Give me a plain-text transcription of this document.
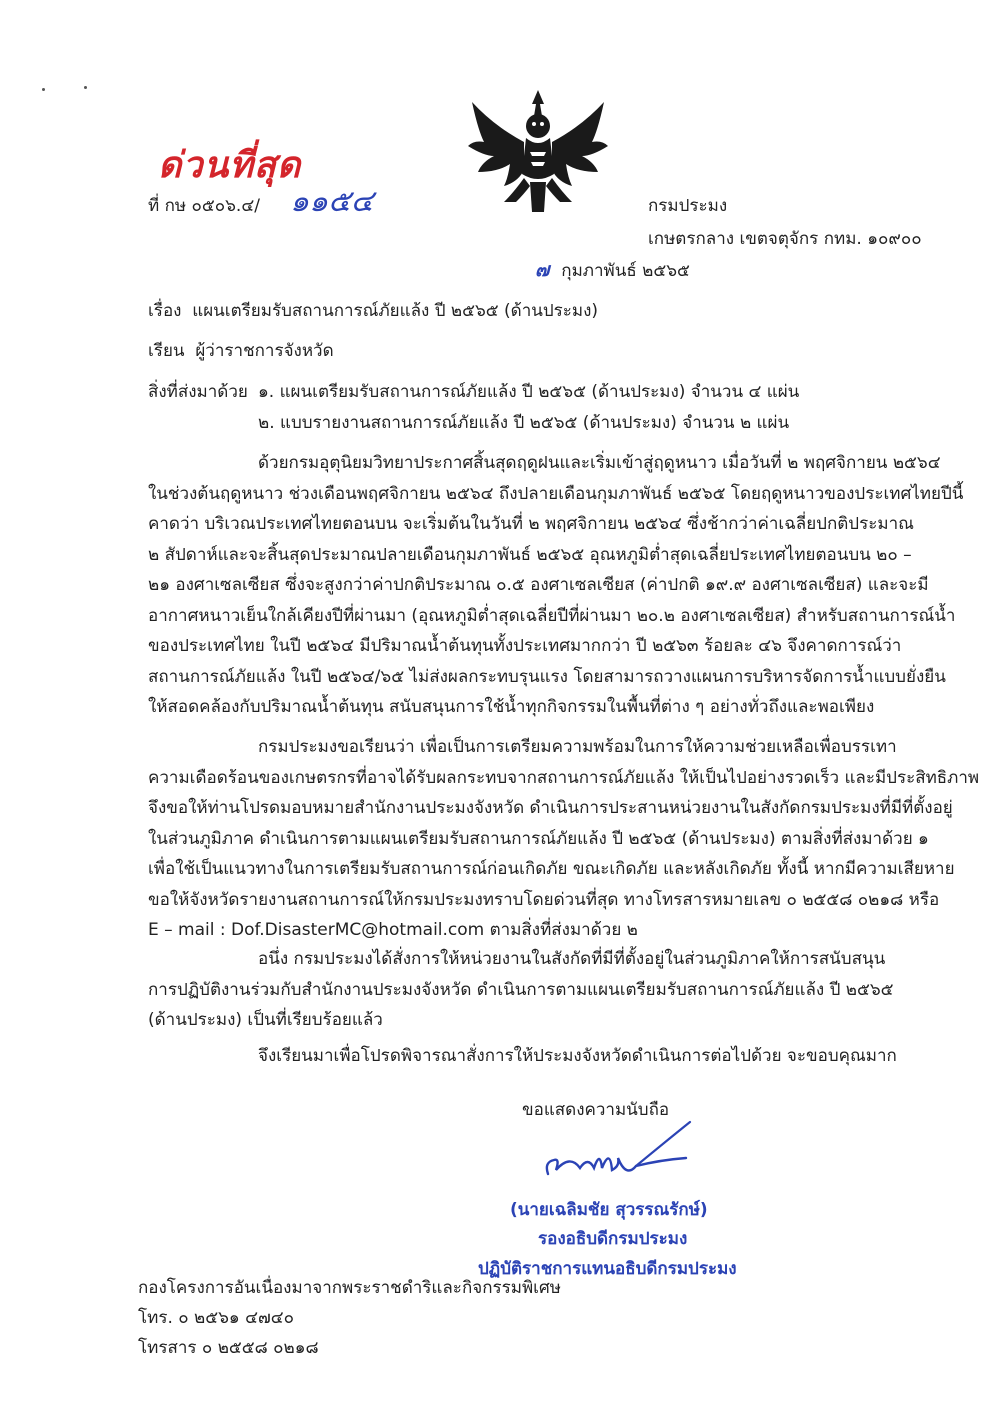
ด่วนที่สุด
ที่ กษ ๐๕๐๖.๔/ ๑๑๕๔	กรมประมง
เกษตรกลาง เขตจตุจักร กทม. ๑๐๙๐๐
๗ กุมภาพันธ์ ๒๕๖๕
เรื่อง แผนเตรียมรับสถานการณ์ภัยแล้ง ปี ๒๕๖๕ (ด้านประมง)
เรียน ผู้ว่าราชการจังหวัด
สิ่งที่ส่งมาด้วย ๑. แผนเตรียมรับสถานการณ์ภัยแล้ง ปี ๒๕๖๕ (ด้านประมง) จำนวน ๔ แผ่น
๒. แบบรายงานสถานการณ์ภัยแล้ง ปี ๒๕๖๕ (ด้านประมง) จำนวน ๒ แผ่น
ด้วยกรมอุตุนิยมวิทยาประกาศสิ้นสุดฤดูฝนและเริ่มเข้าสู่ฤดูหนาว เมื่อวันที่ ๒ พฤศจิกายน ๒๕๖๔
ในช่วงต้นฤดูหนาว ช่วงเดือนพฤศจิกายน ๒๕๖๔ ถึงปลายเดือนกุมภาพันธ์ ๒๕๖๕ โดยฤดูหนาวของประเทศไทยปีนี้
คาดว่า บริเวณประเทศไทยตอนบน จะเริ่มต้นในวันที่ ๒ พฤศจิกายน ๒๕๖๔ ซึ่งช้ากว่าค่าเฉลี่ยปกติประมาณ
๒ สัปดาห์และจะสิ้นสุดประมาณปลายเดือนกุมภาพันธ์ ๒๕๖๕ อุณหภูมิต่ำสุดเฉลี่ยประเทศไทยตอนบน ๒๐ –
๒๑ องศาเซลเซียส ซึ่งจะสูงกว่าค่าปกติประมาณ ๐.๕ องศาเซลเซียส (ค่าปกติ ๑๙.๙ องศาเซลเซียส) และจะมี
อากาศหนาวเย็นใกล้เคียงปีที่ผ่านมา (อุณหภูมิต่ำสุดเฉลี่ยปีที่ผ่านมา ๒๐.๒ องศาเซลเซียส) สำหรับสถานการณ์น้ำ
ของประเทศไทย ในปี ๒๕๖๔ มีปริมาณน้ำต้นทุนทั้งประเทศมากกว่า ปี ๒๕๖๓ ร้อยละ ๔๖ จึงคาดการณ์ว่า
สถานการณ์ภัยแล้ง ในปี ๒๕๖๔/๖๕ ไม่ส่งผลกระทบรุนแรง โดยสามารถวางแผนการบริหารจัดการน้ำแบบยั่งยืน
ให้สอดคล้องกับปริมาณน้ำต้นทุน สนับสนุนการใช้น้ำทุกกิจกรรมในพื้นที่ต่าง ๆ อย่างทั่วถึงและพอเพียง
กรมประมงขอเรียนว่า เพื่อเป็นการเตรียมความพร้อมในการให้ความช่วยเหลือเพื่อบรรเทา
ความเดือดร้อนของเกษตรกรที่อาจได้รับผลกระทบจากสถานการณ์ภัยแล้ง ให้เป็นไปอย่างรวดเร็ว และมีประสิทธิภาพ
จึงขอให้ท่านโปรดมอบหมายสำนักงานประมงจังหวัด ดำเนินการประสานหน่วยงานในสังกัดกรมประมงที่มีที่ตั้งอยู่
ในส่วนภูมิภาค ดำเนินการตามแผนเตรียมรับสถานการณ์ภัยแล้ง ปี ๒๕๖๕ (ด้านประมง) ตามสิ่งที่ส่งมาด้วย ๑
เพื่อใช้เป็นแนวทางในการเตรียมรับสถานการณ์ก่อนเกิดภัย ขณะเกิดภัย และหลังเกิดภัย ทั้งนี้ หากมีความเสียหาย
ขอให้จังหวัดรายงานสถานการณ์ให้กรมประมงทราบโดยด่วนที่สุด ทางโทรสารหมายเลข ๐ ๒๕๕๘ ๐๒๑๘ หรือ
E – mail : Dof.DisasterMC@hotmail.com ตามสิ่งที่ส่งมาด้วย ๒
อนึ่ง กรมประมงได้สั่งการให้หน่วยงานในสังกัดที่มีที่ตั้งอยู่ในส่วนภูมิภาคให้การสนับสนุน
การปฏิบัติงานร่วมกับสำนักงานประมงจังหวัด ดำเนินการตามแผนเตรียมรับสถานการณ์ภัยแล้ง ปี ๒๕๖๕
(ด้านประมง) เป็นที่เรียบร้อยแล้ว
จึงเรียนมาเพื่อโปรดพิจารณาสั่งการให้ประมงจังหวัดดำเนินการต่อไปด้วย จะขอบคุณมาก
ขอแสดงความนับถือ
(นายเฉลิมชัย สุวรรณรักษ์)
รองอธิบดีกรมประมง
ปฏิบัติราชการแทนอธิบดีกรมประมง
กองโครงการอันเนื่องมาจากพระราชดำริและกิจกรรมพิเศษ
โทร. ๐ ๒๕๖๑ ๔๗๔๐
โทรสาร ๐ ๒๕๕๘ ๐๒๑๘
